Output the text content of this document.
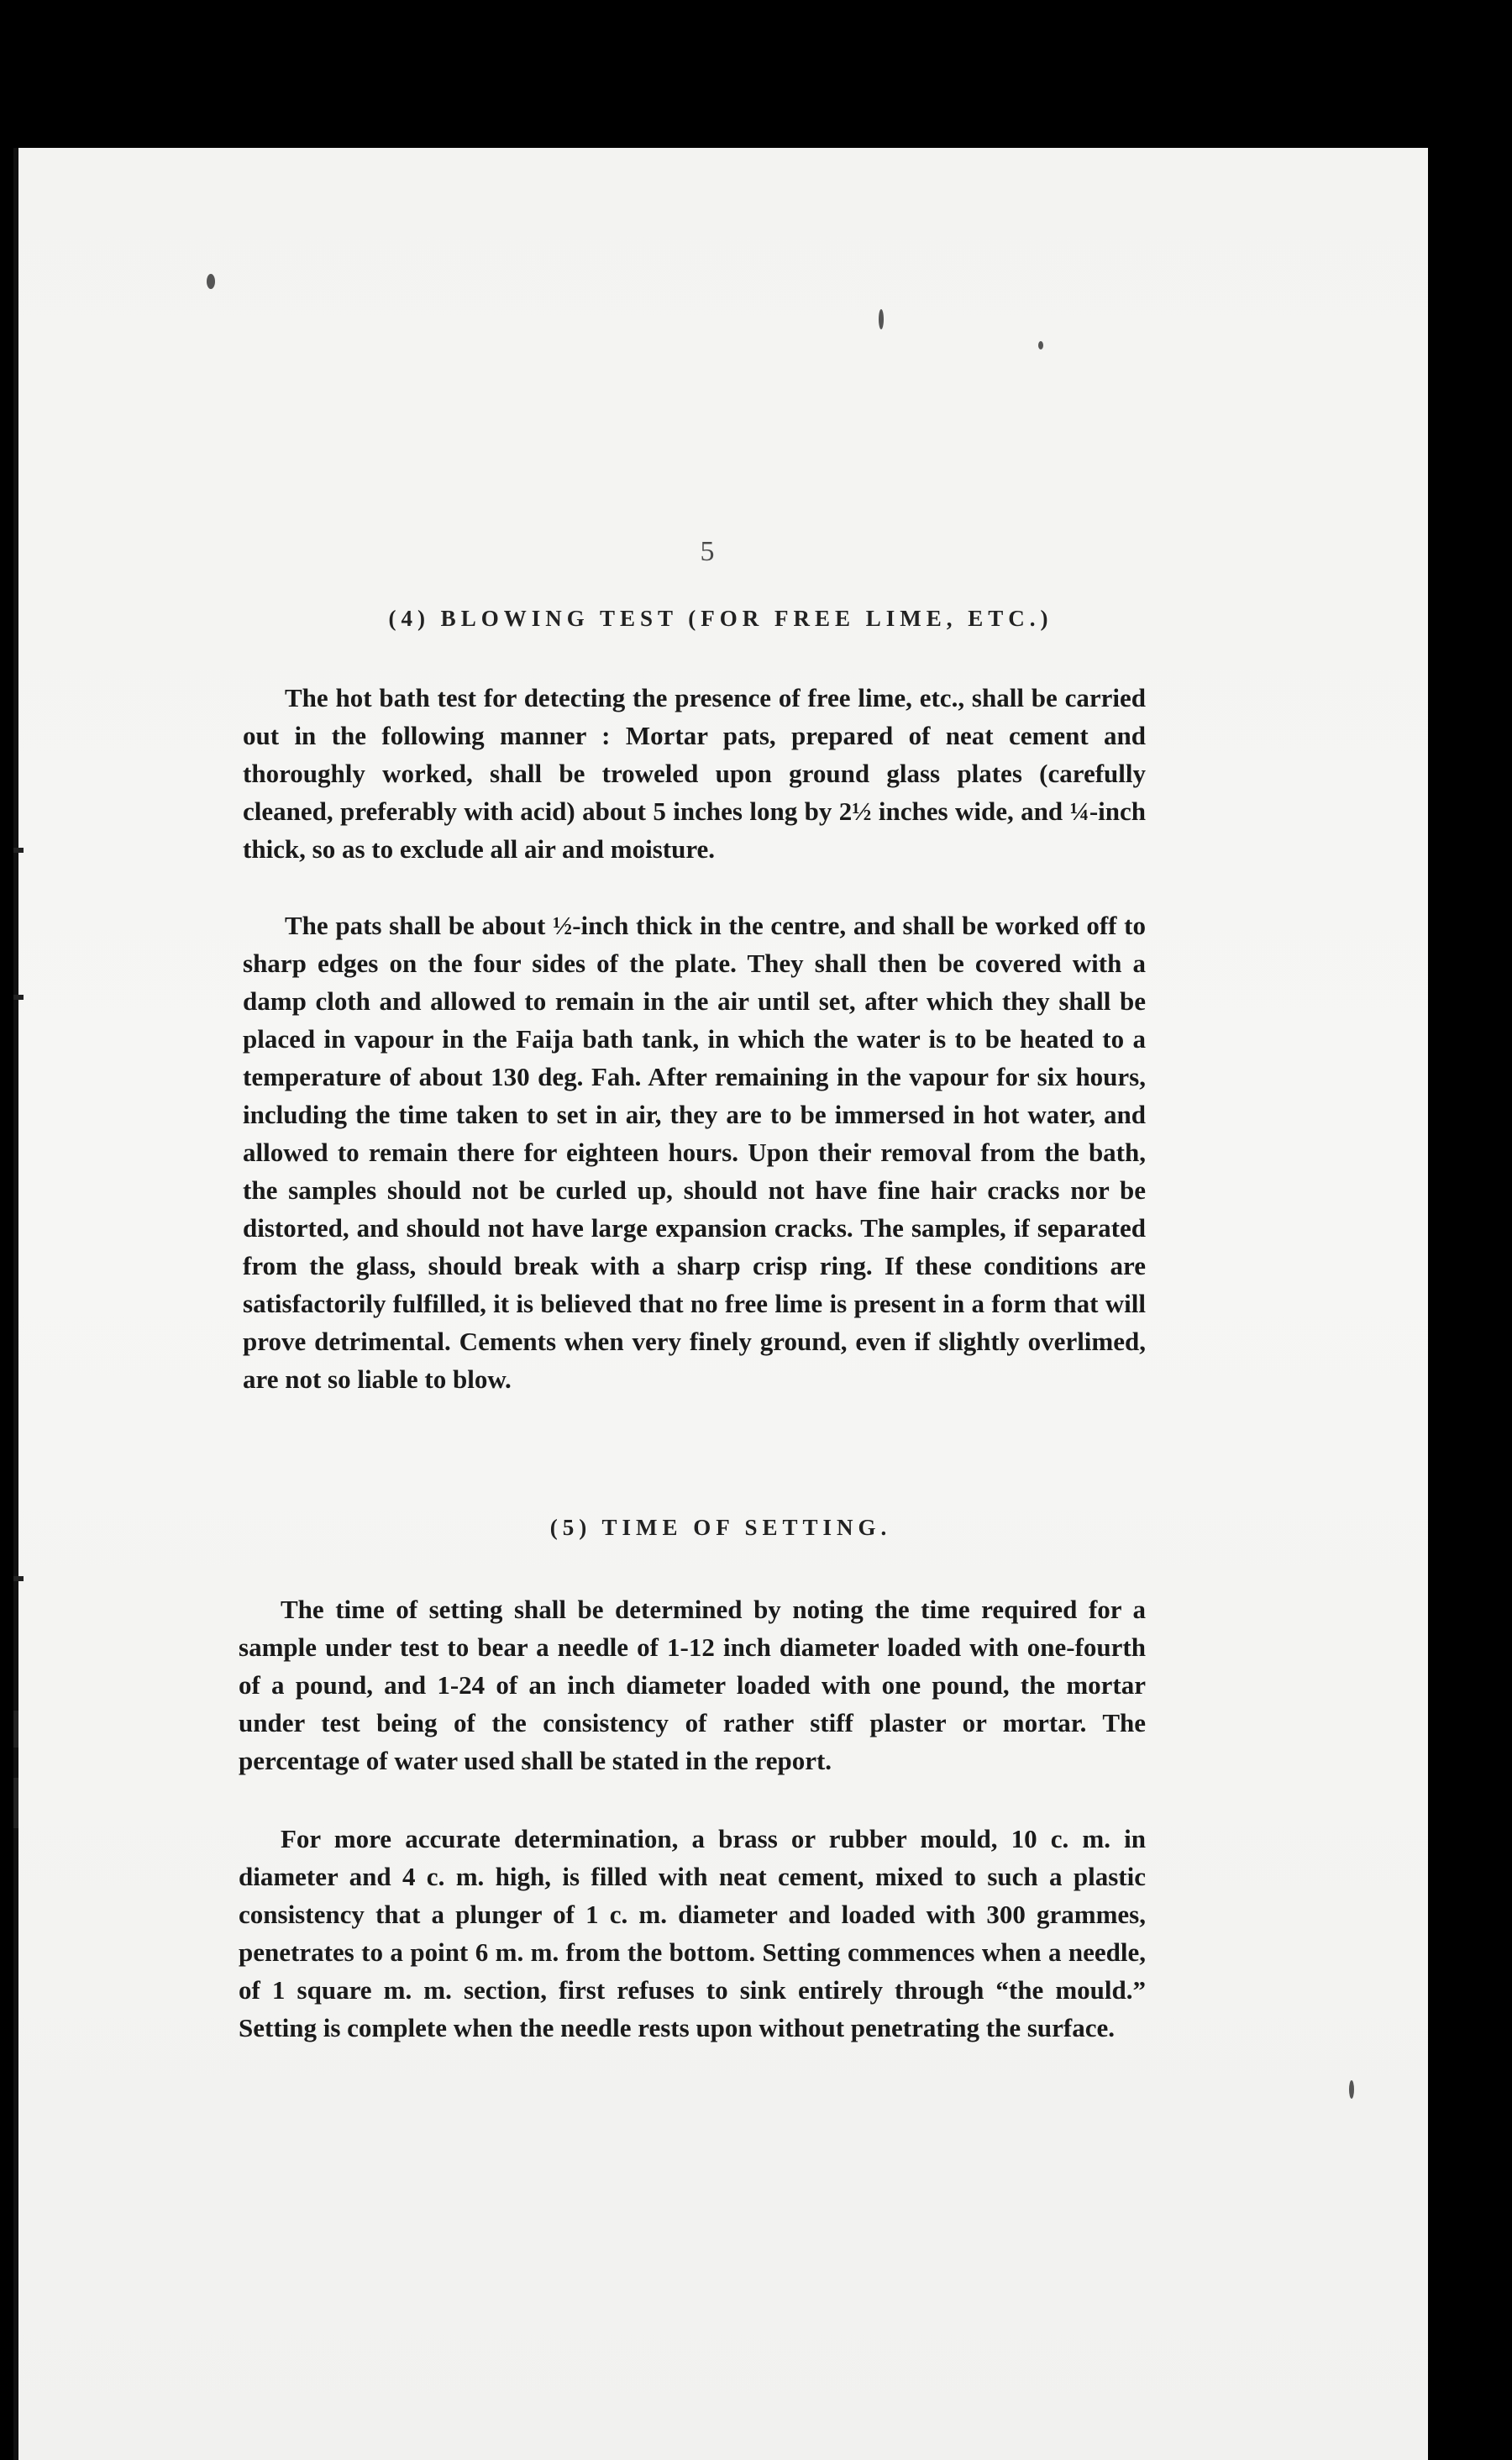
5
(4) BLOWING TEST (FOR FREE LIME, ETC.)

The hot bath test for detecting the presence of free lime, etc., shall be carried out in the following manner : Mortar pats, prepared of neat cement and thoroughly worked, shall be troweled upon ground glass plates (carefully cleaned, preferably with acid) about 5 inches long by 2½ inches wide, and ¼-inch thick, so as to exclude all air and moisture.

The pats shall be about ½-inch thick in the centre, and shall be worked off to sharp edges on the four sides of the plate. They shall then be covered with a damp cloth and allowed to remain in the air until set, after which they shall be placed in vapour in the Faija bath tank, in which the water is to be heated to a temperature of about 130 deg. Fah. After remaining in the vapour for six hours, including the time taken to set in air, they are to be immersed in hot water, and allowed to remain there for eighteen hours. Upon their removal from the bath, the samples should not be curled up, should not have fine hair cracks nor be distorted, and should not have large expansion cracks. The samples, if separated from the glass, should break with a sharp crisp ring. If these conditions are satisfactorily fulfilled, it is believed that no free lime is present in a form that will prove detrimental. Cements when very finely ground, even if slightly overlimed, are not so liable to blow.

(5) TIME OF SETTING.

The time of setting shall be determined by noting the time required for a sample under test to bear a needle of 1-12 inch diameter loaded with one-fourth of a pound, and 1-24 of an inch diameter loaded with one pound, the mortar under test being of the consistency of rather stiff plaster or mortar. The percentage of water used shall be stated in the report.

For more accurate determination, a brass or rubber mould, 10 c. m. in diameter and 4 c. m. high, is filled with neat cement, mixed to such a plastic consistency that a plunger of 1 c. m. diameter and loaded with 300 grammes, penetrates to a point 6 m. m. from the bottom. Setting commences when a needle, of 1 square m. m. section, first refuses to sink entirely through “the mould.” Setting is complete when the needle rests upon without penetrating the surface.
